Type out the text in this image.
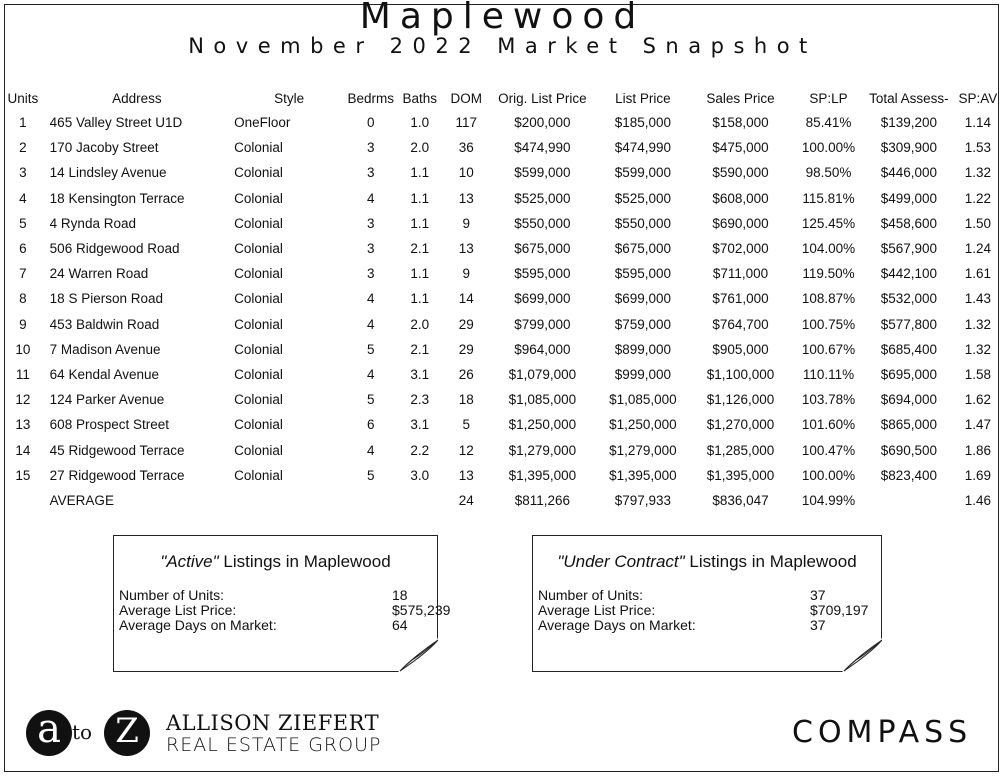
Maplewood
November 2022 Market Snapshot
Units	Address	Style	Bedrms	Baths	DOM	Orig. List Price	List Price	Sales Price	SP:LP	Total Assess-	SP:AV
1	465 Valley Street U1D	OneFloor	0	1.0	117	$200,000	$185,000	$158,000	85.41%	$139,200	1.14
2	170 Jacoby Street	Colonial	3	2.0	36	$474,990	$474,990	$475,000	100.00%	$309,900	1.53
3	14 Lindsley Avenue	Colonial	3	1.1	10	$599,000	$599,000	$590,000	98.50%	$446,000	1.32
4	18 Kensington Terrace	Colonial	4	1.1	13	$525,000	$525,000	$608,000	115.81%	$499,000	1.22
5	4 Rynda Road	Colonial	3	1.1	9	$550,000	$550,000	$690,000	125.45%	$458,600	1.50
6	506 Ridgewood Road	Colonial	3	2.1	13	$675,000	$675,000	$702,000	104.00%	$567,900	1.24
7	24 Warren Road	Colonial	3	1.1	9	$595,000	$595,000	$711,000	119.50%	$442,100	1.61
8	18 S Pierson Road	Colonial	4	1.1	14	$699,000	$699,000	$761,000	108.87%	$532,000	1.43
9	453 Baldwin Road	Colonial	4	2.0	29	$799,000	$759,000	$764,700	100.75%	$577,800	1.32
10	7 Madison Avenue	Colonial	5	2.1	29	$964,000	$899,000	$905,000	100.67%	$685,400	1.32
11	64 Kendal Avenue	Colonial	4	3.1	26	$1,079,000	$999,000	$1,100,000	110.11%	$695,000	1.58
12	124 Parker Avenue	Colonial	5	2.3	18	$1,085,000	$1,085,000	$1,126,000	103.78%	$694,000	1.62
13	608 Prospect Street	Colonial	6	3.1	5	$1,250,000	$1,250,000	$1,270,000	101.60%	$865,000	1.47
14	45 Ridgewood Terrace	Colonial	4	2.2	12	$1,279,000	$1,279,000	$1,285,000	100.47%	$690,500	1.86
15	27 Ridgewood Terrace	Colonial	5	3.0	13	$1,395,000	$1,395,000	$1,395,000	100.00%	$823,400	1.69
	AVERAGE				24	$811,266	$797,933	$836,047	104.99%		1.46
"Active" Listings in Maplewood
Number of Units:	18
Average List Price:	$575,239
Average Days on Market:	64
"Under Contract" Listings in Maplewood
Number of Units:	37
Average List Price:	$709,197
Average Days on Market:	37
a to Z	ALLISON ZIEFERT
REAL ESTATE GROUP	COMPASS
